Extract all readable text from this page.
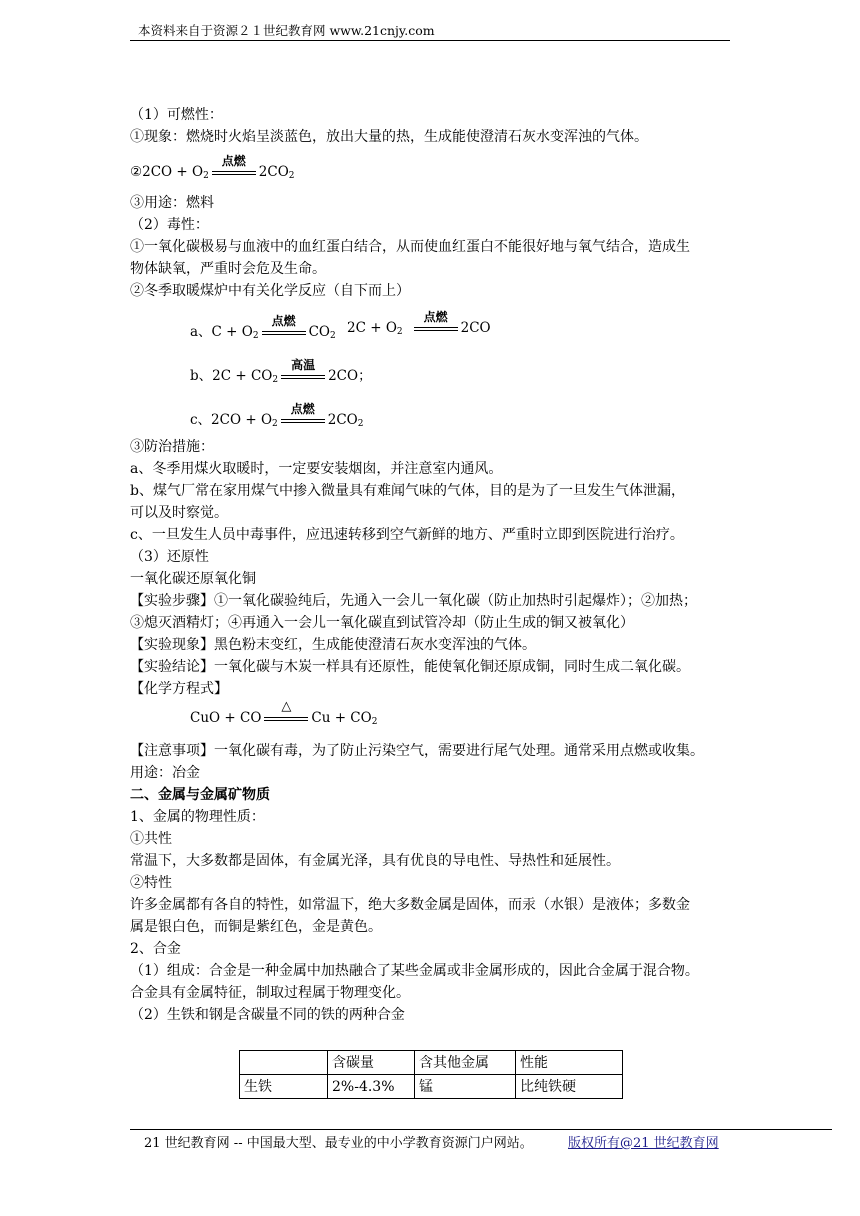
本资料来自于资源２１世纪教育网 www.21cnjy.com
（1）可燃性：
①现象：燃烧时火焰呈淡蓝色，放出大量的热，生成能使澄清石灰水变浑浊的气体。
②2CO + $O_2$
点燃
$2CO_2$
③用途：燃料
（2）毒性：
①一氧化碳极易与血液中的血红蛋白结合，从而使血红蛋白不能很好地与氧气结合，造成生
物体缺氧，严重时会危及生命。
②冬季取暖煤炉中有关化学反应（自下而上）
a、$C + O_2$
点燃
$CO_2$ $2C + O_2$
点燃
2CO
b、$2C + CO_2$
高温
2CO；
c、$2CO + O_2$
点燃
$2CO_2$
③防治措施：
a、冬季用煤火取暖时，一定要安装烟囱，并注意室内通风。
b、煤气厂常在家用煤气中掺入微量具有难闻气味的气体，目的是为了一旦发生气体泄漏，
可以及时察觉。
c、一旦发生人员中毒事件，应迅速转移到空气新鲜的地方、严重时立即到医院进行治疗。
（3）还原性
一氧化碳还原氧化铜
【实验步骤】①一氧化碳验纯后，先通入一会儿一氧化碳（防止加热时引起爆炸）；②加热；
③熄灭酒精灯；④再通入一会儿一氧化碳直到试管冷却（防止生成的铜又被氧化）
【实验现象】黑色粉末变红，生成能使澄清石灰水变浑浊的气体。
【实验结论】一氧化碳与木炭一样具有还原性，能使氧化铜还原成铜，同时生成二氧化碳。
【化学方程式】
CuO + CO
△
$Cu + CO_2$
【注意事项】一氧化碳有毒，为了防止污染空气，需要进行尾气处理。通常采用点燃或收集。
用途：冶金
二、金属与金属矿物质
1、金属的物理性质：
①共性
常温下，大多数都是固体，有金属光泽，具有优良的导电性、导热性和延展性。
②特性
许多金属都有各自的特性，如常温下，绝大多数金属是固体，而汞（水银）是液体；多数金
属是银白色，而铜是紫红色，金是黄色。
2、合金
（1）组成：合金是一种金属中加热融合了某些金属或非金属形成的，因此合金属于混合物。
合金具有金属特征，制取过程属于物理变化。
（2）生铁和钢是含碳量不同的铁的两种合金
	含碳量	含其他金属	性能
生铁	2%-4.3%	锰	比纯铁硬
21 世纪教育网 -- 中国最大型、最专业的中小学教育资源门户网站。	版权所有@21 世纪教育网
